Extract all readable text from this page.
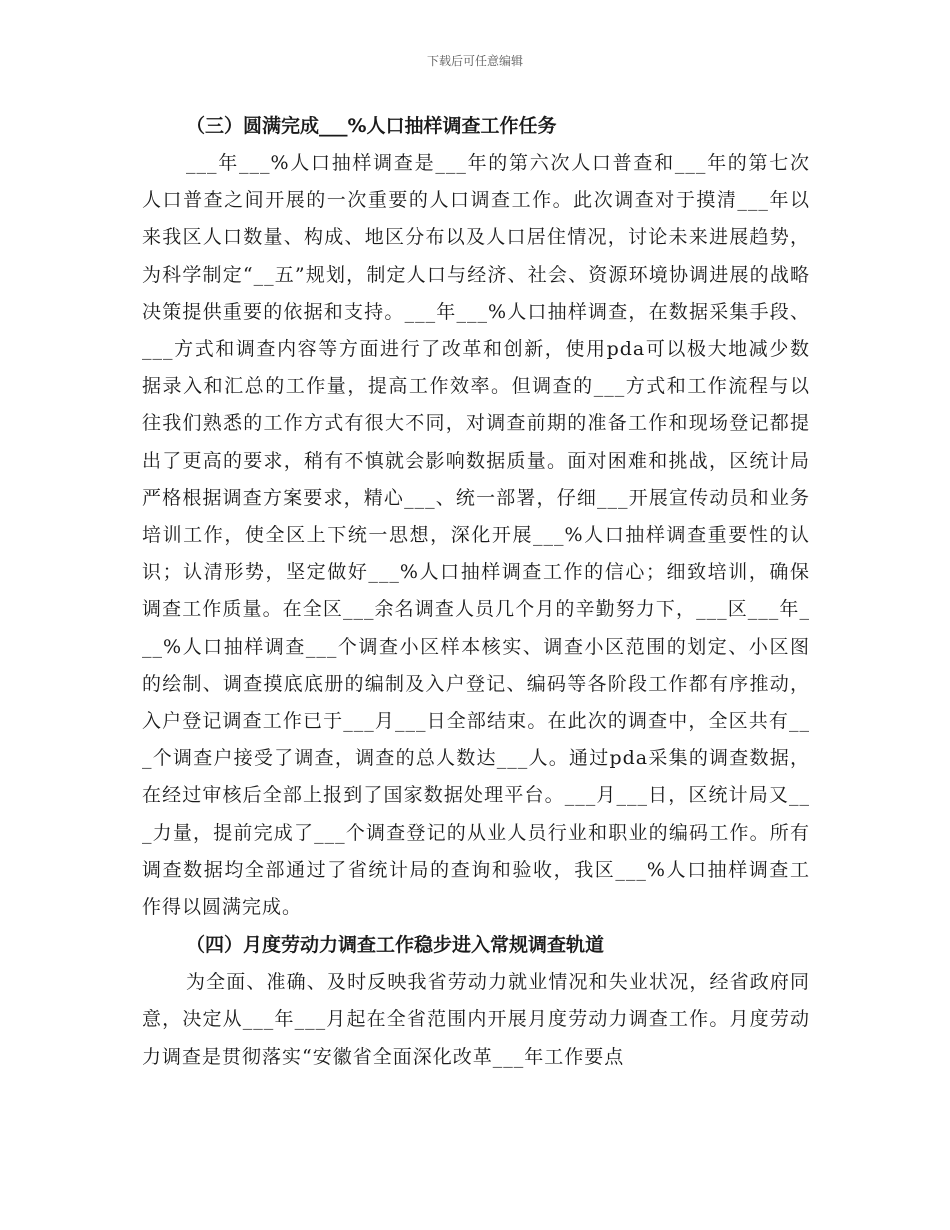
下载后可任意编辑
（三）圆满完成___%人口抽样调查工作任务

___年___%人口抽样调查是___年的第六次人口普查和___年的第七次人口普查之间开展的一次重要的人口调查工作。此次调查对于摸清___年以来我区人口数量、构成、地区分布以及人口居住情况，讨论未来进展趋势，为科学制定“__五”规划，制定人口与经济、社会、资源环境协调进展的战略决策提供重要的依据和支持。___年___%人口抽样调查，在数据采集手段、___方式和调查内容等方面进行了改革和创新，使用pda可以极大地减少数据录入和汇总的工作量，提高工作效率。但调查的___方式和工作流程与以往我们熟悉的工作方式有很大不同，对调查前期的准备工作和现场登记都提出了更高的要求，稍有不慎就会影响数据质量。面对困难和挑战，区统计局严格根据调查方案要求，精心___、统一部署，仔细___开展宣传动员和业务培训工作，使全区上下统一思想，深化开展___%人口抽样调查重要性的认识；认清形势，坚定做好___%人口抽样调查工作的信心；细致培训，确保调查工作质量。在全区___余名调查人员几个月的辛勤努力下，___区___年___%人口抽样调查___个调查小区样本核实、调查小区范围的划定、小区图的绘制、调查摸底底册的编制及入户登记、编码等各阶段工作都有序推动，入户登记调查工作已于___月___日全部结束。在此次的调查中，全区共有___个调查户接受了调查，调查的总人数达___人。通过pda采集的调查数据，在经过审核后全部上报到了国家数据处理平台。___月___日，区统计局又___力量，提前完成了___个调查登记的从业人员行业和职业的编码工作。所有调查数据均全部通过了省统计局的查询和验收，我区___%人口抽样调查工作得以圆满完成。

（四）月度劳动力调查工作稳步进入常规调查轨道

为全面、准确、及时反映我省劳动力就业情况和失业状况，经省政府同意，决定从___年___月起在全省范围内开展月度劳动力调查工作。月度劳动力调查是贯彻落实“安徽省全面深化改革___年工作要点
